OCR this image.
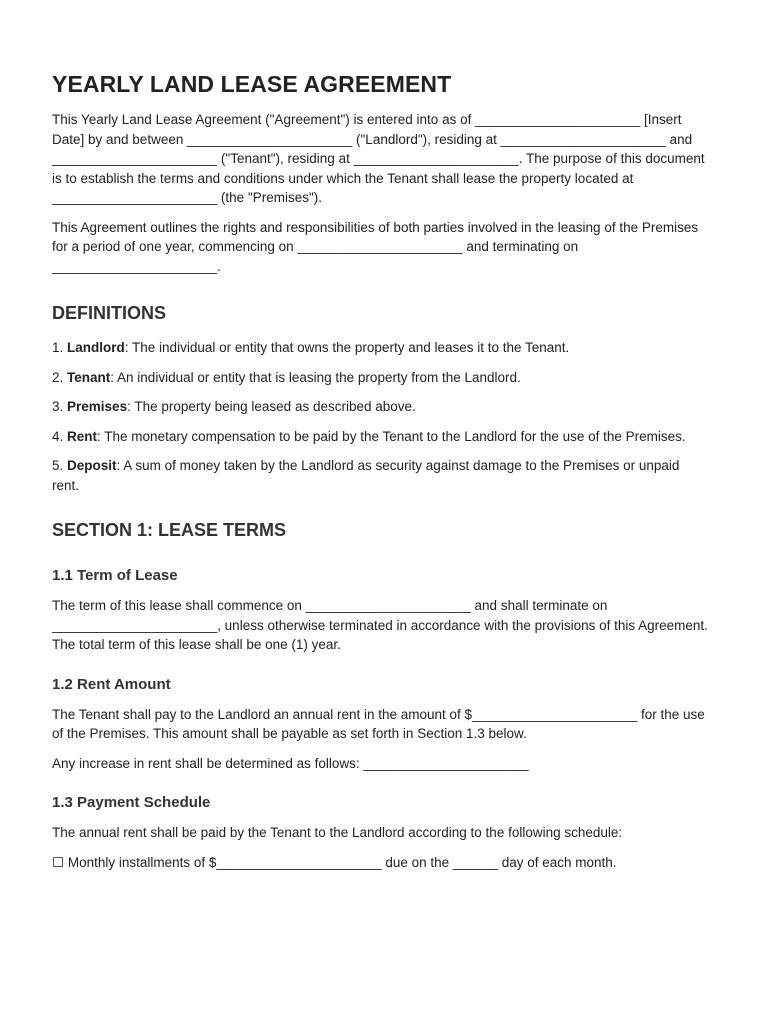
YEARLY LAND LEASE AGREEMENT

This Yearly Land Lease Agreement ("Agreement") is entered into as of ______________________ [Insert Date] by and between ______________________ ("Landlord"), residing at ______________________ and ______________________ ("Tenant"), residing at ______________________. The purpose of this document is to establish the terms and conditions under which the Tenant shall lease the property located at ______________________ (the "Premises").

This Agreement outlines the rights and responsibilities of both parties involved in the leasing of the Premises for a period of one year, commencing on ______________________ and terminating on ______________________.

DEFINITIONS

1. Landlord: The individual or entity that owns the property and leases it to the Tenant.

2. Tenant: An individual or entity that is leasing the property from the Landlord.

3. Premises: The property being leased as described above.

4. Rent: The monetary compensation to be paid by the Tenant to the Landlord for the use of the Premises.

5. Deposit: A sum of money taken by the Landlord as security against damage to the Premises or unpaid rent.

SECTION 1: LEASE TERMS
1.1 Term of Lease

The term of this lease shall commence on ______________________ and shall terminate on ______________________, unless otherwise terminated in accordance with the provisions of this Agreement. The total term of this lease shall be one (1) year.

1.2 Rent Amount

The Tenant shall pay to the Landlord an annual rent in the amount of $______________________ for the use of the Premises. This amount shall be payable as set forth in Section 1.3 below.

Any increase in rent shall be determined as follows: ______________________

1.3 Payment Schedule

The annual rent shall be paid by the Tenant to the Landlord according to the following schedule:

☐ Monthly installments of $______________________ due on the ______ day of each month.
